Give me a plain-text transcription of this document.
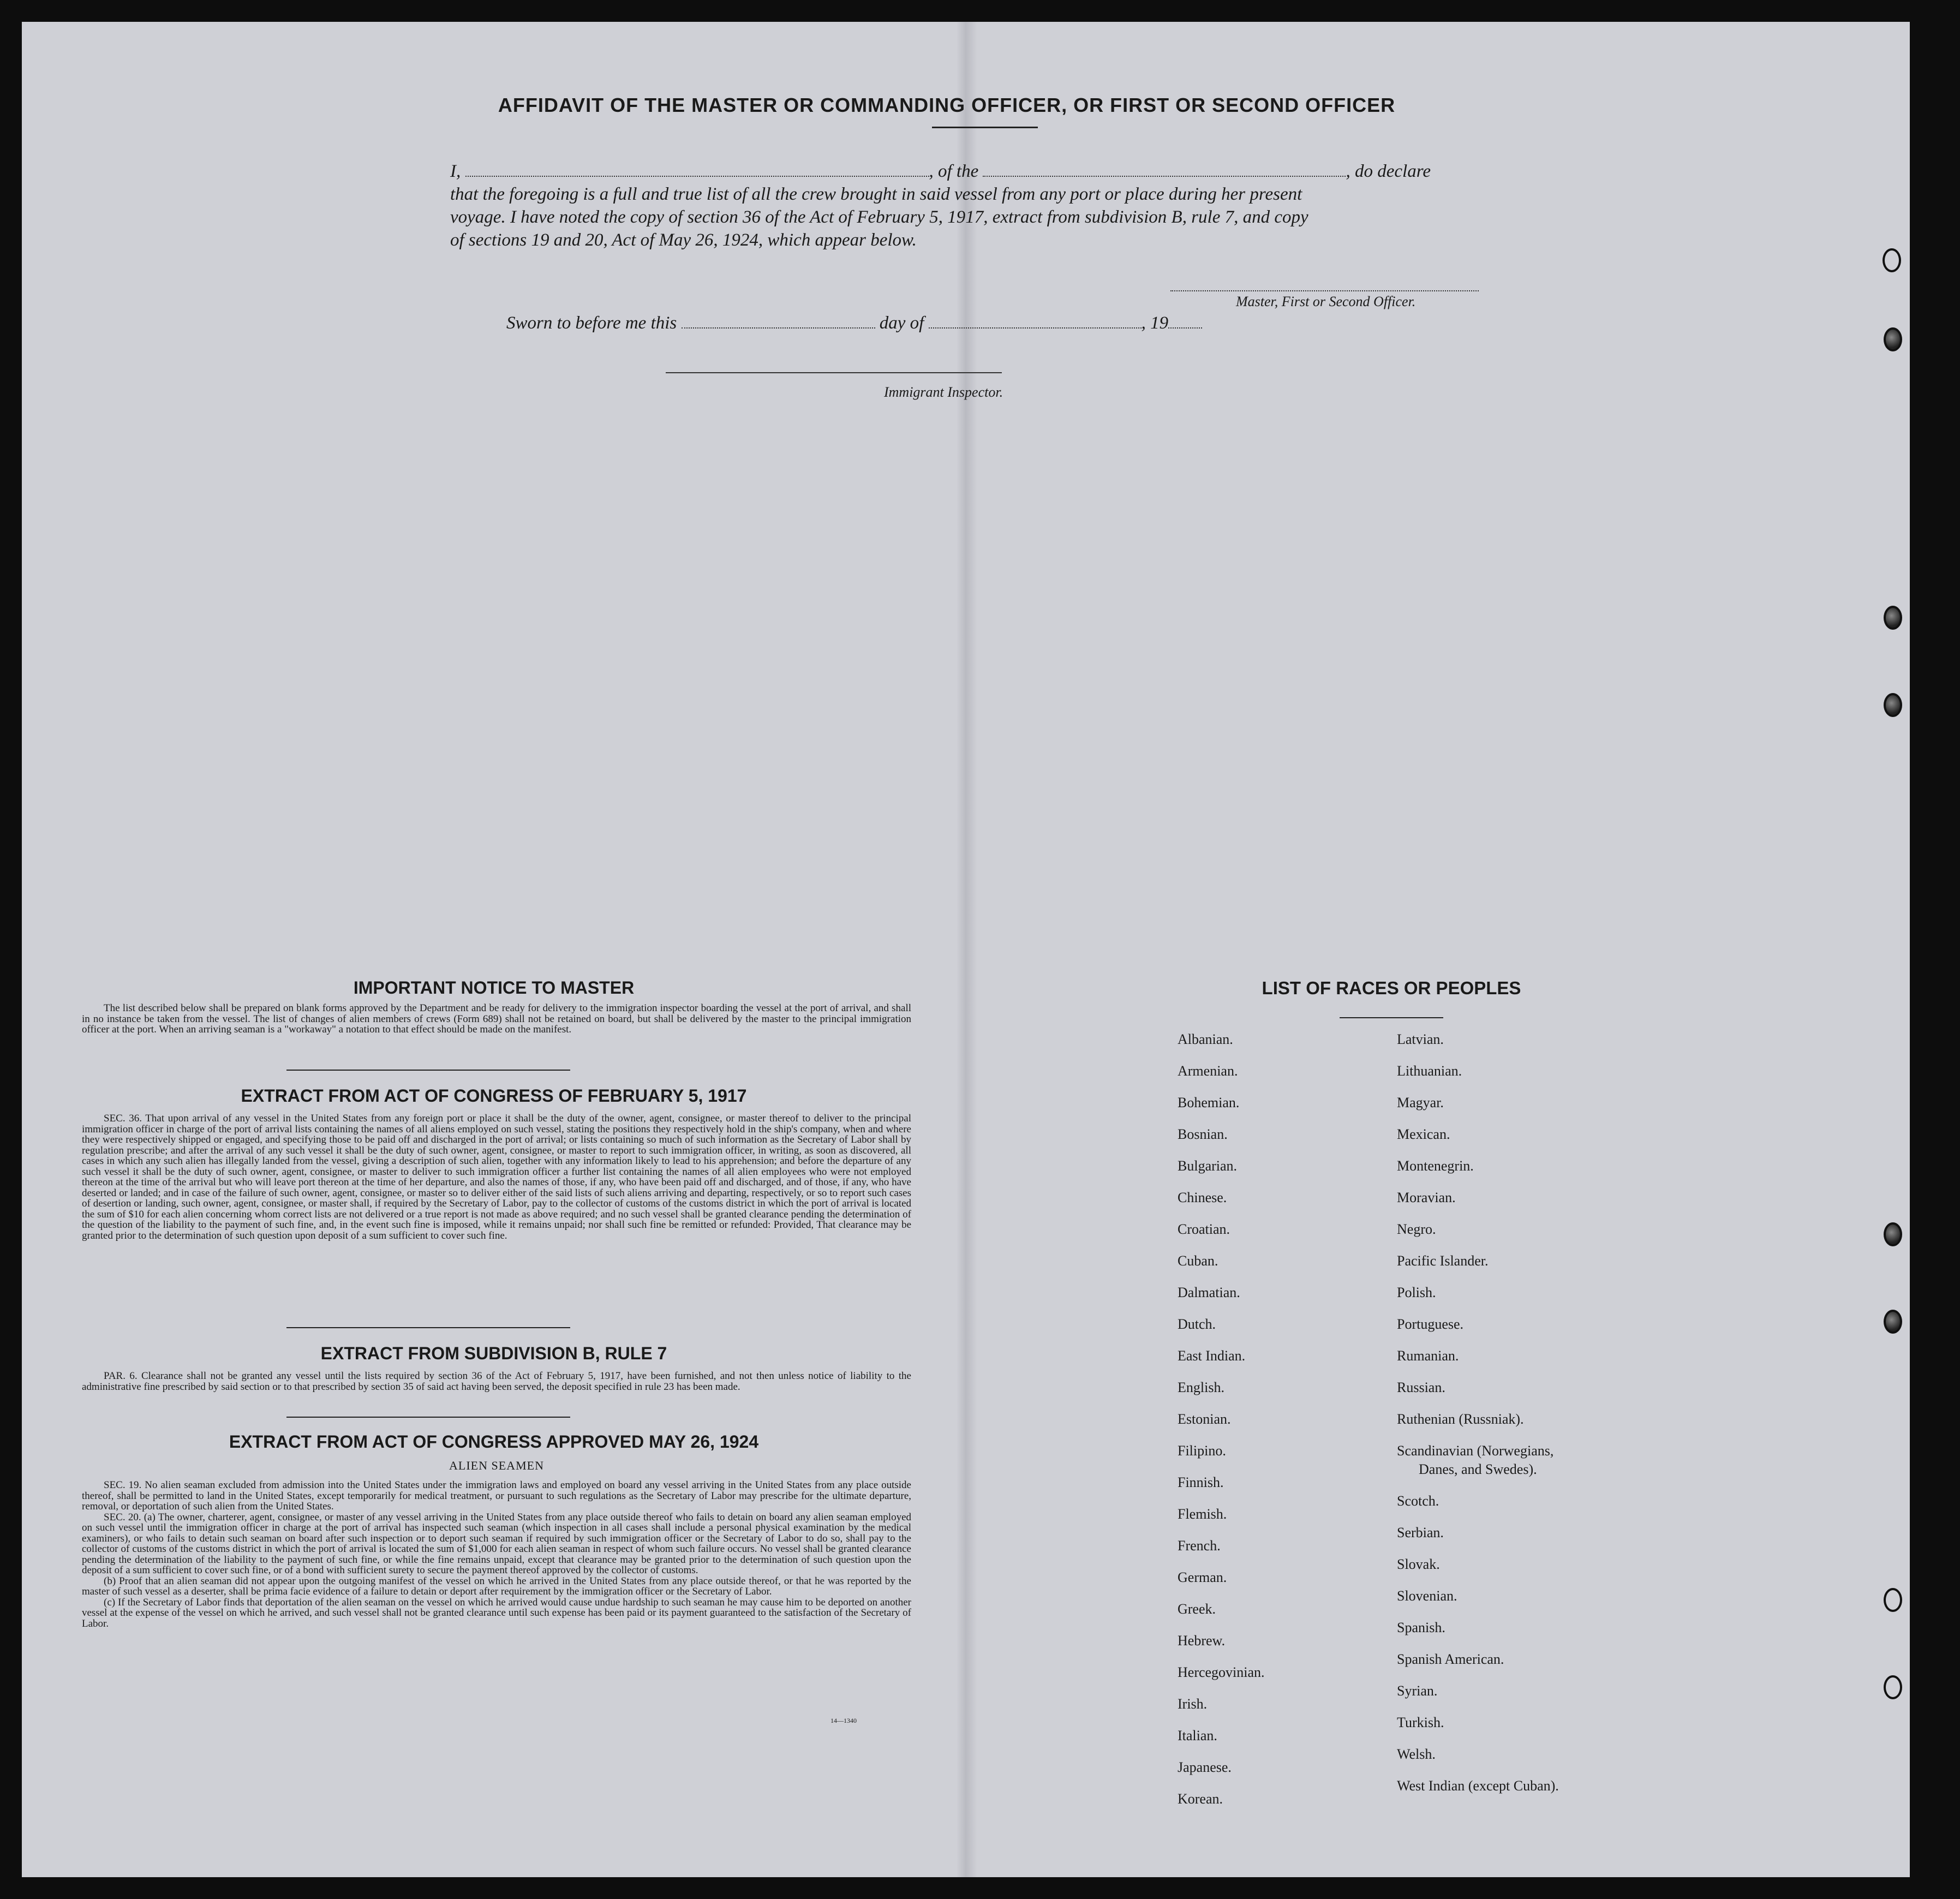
AFFIDAVIT OF THE MASTER OR COMMANDING OFFICER, OR FIRST OR SECOND OFFICER
I,	, of the	, do declare
that the foregoing is a full and true list of all the crew brought in said vessel from any port or place during her present
voyage. I have noted the copy of section 36 of the Act of February 5, 1917, extract from subdivision B, rule 7, and copy
of sections 19 and 20, Act of May 26, 1924, which appear below.
Master, First or Second Officer.
Sworn to before me this	day of	, 19
Immigrant Inspector.
IMPORTANT NOTICE TO MASTER

The list described below shall be prepared on blank forms approved by the Department and be ready for delivery to the immigration inspector boarding the vessel at the port of arrival, and shall in no instance be taken from the vessel. The list of changes of alien members of crews (Form 689) shall not be retained on board, but shall be delivered by the master to the principal immigration officer at the port. When an arriving seaman is a "workaway" a notation to that effect should be made on the manifest.

EXTRACT FROM ACT OF CONGRESS OF FEBRUARY 5, 1917

SEC. 36. That upon arrival of any vessel in the United States from any foreign port or place it shall be the duty of the owner, agent, consignee, or master thereof to deliver to the principal immigration officer in charge of the port of arrival lists containing the names of all aliens employed on such vessel, stating the positions they respectively hold in the ship's company, when and where they were respectively shipped or engaged, and specifying those to be paid off and discharged in the port of arrival; or lists containing so much of such information as the Secretary of Labor shall by regulation prescribe; and after the arrival of any such vessel it shall be the duty of such owner, agent, consignee, or master to report to such immigration officer, in writing, as soon as discovered, all cases in which any such alien has illegally landed from the vessel, giving a description of such alien, together with any information likely to lead to his apprehension; and before the departure of any such vessel it shall be the duty of such owner, agent, consignee, or master to deliver to such immigration officer a further list containing the names of all alien employees who were not employed thereon at the time of the arrival but who will leave port thereon at the time of her departure, and also the names of those, if any, who have been paid off and discharged, and of those, if any, who have deserted or landed; and in case of the failure of such owner, agent, consignee, or master so to deliver either of the said lists of such aliens arriving and departing, respectively, or so to report such cases of desertion or landing, such owner, agent, consignee, or master shall, if required by the Secretary of Labor, pay to the collector of customs of the customs district in which the port of arrival is located the sum of $10 for each alien concerning whom correct lists are not delivered or a true report is not made as above required; and no such vessel shall be granted clearance pending the determination of the question of the liability to the payment of such fine, and, in the event such fine is imposed, while it remains unpaid; nor shall such fine be remitted or refunded: Provided, That clearance may be granted prior to the determination of such question upon deposit of a sum sufficient to cover such fine.

EXTRACT FROM SUBDIVISION B, RULE 7

PAR. 6. Clearance shall not be granted any vessel until the lists required by section 36 of the Act of February 5, 1917, have been furnished, and not then unless notice of liability to the administrative fine prescribed by said section or to that prescribed by section 35 of said act having been served, the deposit specified in rule 23 has been made.

EXTRACT FROM ACT OF CONGRESS APPROVED MAY 26, 1924
ALIEN SEAMEN

SEC. 19. No alien seaman excluded from admission into the United States under the immigration laws and employed on board any vessel arriving in the United States from any place outside thereof, shall be permitted to land in the United States, except temporarily for medical treatment, or pursuant to such regulations as the Secretary of Labor may prescribe for the ultimate departure, removal, or deportation of such alien from the United States.

SEC. 20. (a) The owner, charterer, agent, consignee, or master of any vessel arriving in the United States from any place outside thereof who fails to detain on board any alien seaman employed on such vessel until the immigration officer in charge at the port of arrival has inspected such seaman (which inspection in all cases shall include a personal physical examination by the medical examiners), or who fails to detain such seaman on board after such inspection or to deport such seaman if required by such immigration officer or the Secretary of Labor to do so, shall pay to the collector of customs of the customs district in which the port of arrival is located the sum of $1,000 for each alien seaman in respect of whom such failure occurs. No vessel shall be granted clearance pending the determination of the liability to the payment of such fine, or while the fine remains unpaid, except that clearance may be granted prior to the determination of such question upon the deposit of a sum sufficient to cover such fine, or of a bond with sufficient surety to secure the payment thereof approved by the collector of customs.

(b) Proof that an alien seaman did not appear upon the outgoing manifest of the vessel on which he arrived in the United States from any place outside thereof, or that he was reported by the master of such vessel as a deserter, shall be prima facie evidence of a failure to detain or deport after requirement by the immigration officer or the Secretary of Labor.

(c) If the Secretary of Labor finds that deportation of the alien seaman on the vessel on which he arrived would cause undue hardship to such seaman he may cause him to be deported on another vessel at the expense of the vessel on which he arrived, and such vessel shall not be granted clearance until such expense has been paid or its payment guaranteed to the satisfaction of the Secretary of Labor.

14—1340
LIST OF RACES OR PEOPLES
Albanian.
Armenian.
Bohemian.
Bosnian.
Bulgarian.
Chinese.
Croatian.
Cuban.
Dalmatian.
Dutch.
East Indian.
English.
Estonian.
Filipino.
Finnish.
Flemish.
French.
German.
Greek.
Hebrew.
Hercegovinian.
Irish.
Italian.
Japanese.
Korean.
Latvian.
Lithuanian.
Magyar.
Mexican.
Montenegrin.
Moravian.
Negro.
Pacific Islander.
Polish.
Portuguese.
Rumanian.
Russian.
Ruthenian (Russniak).
Scandinavian (Norwegians,
Danes, and Swedes).
Scotch.
Serbian.
Slovak.
Slovenian.
Spanish.
Spanish American.
Syrian.
Turkish.
Welsh.
West Indian (except Cuban).
